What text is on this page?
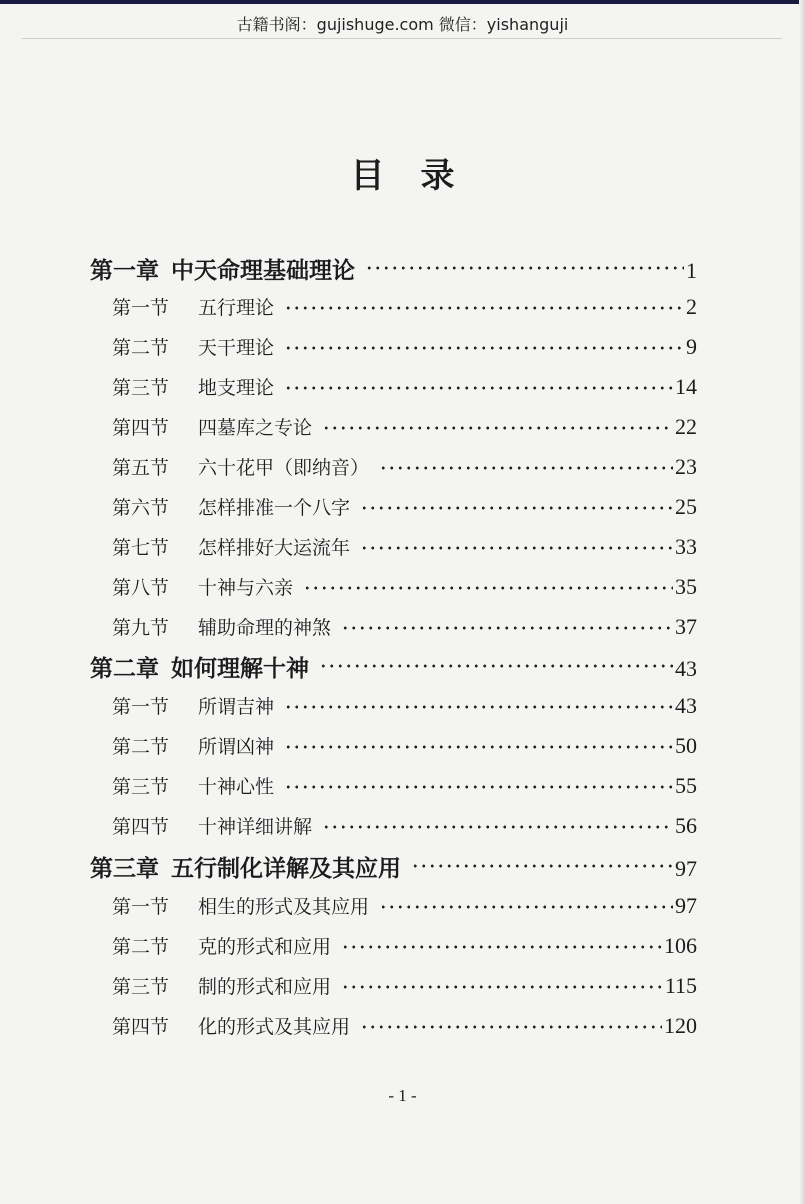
古籍书阁：gujishuge.com 微信：yishanguji
目录
第一章 中天命理基础理论	1
第一节	五行理论	2
第二节	天干理论	9
第三节	地支理论	14
第四节	四墓库之专论	22
第五节	六十花甲（即纳音）	23
第六节	怎样排准一个八字	25
第七节	怎样排好大运流年	33
第八节	十神与六亲	35
第九节	辅助命理的神煞	37
第二章 如何理解十神	43
第一节	所谓吉神	43
第二节	所谓凶神	50
第三节	十神心性	55
第四节	十神详细讲解	56
第三章 五行制化详解及其应用	97
第一节	相生的形式及其应用	97
第二节	克的形式和应用	106
第三节	制的形式和应用	115
第四节	化的形式及其应用	120
- 1 -
